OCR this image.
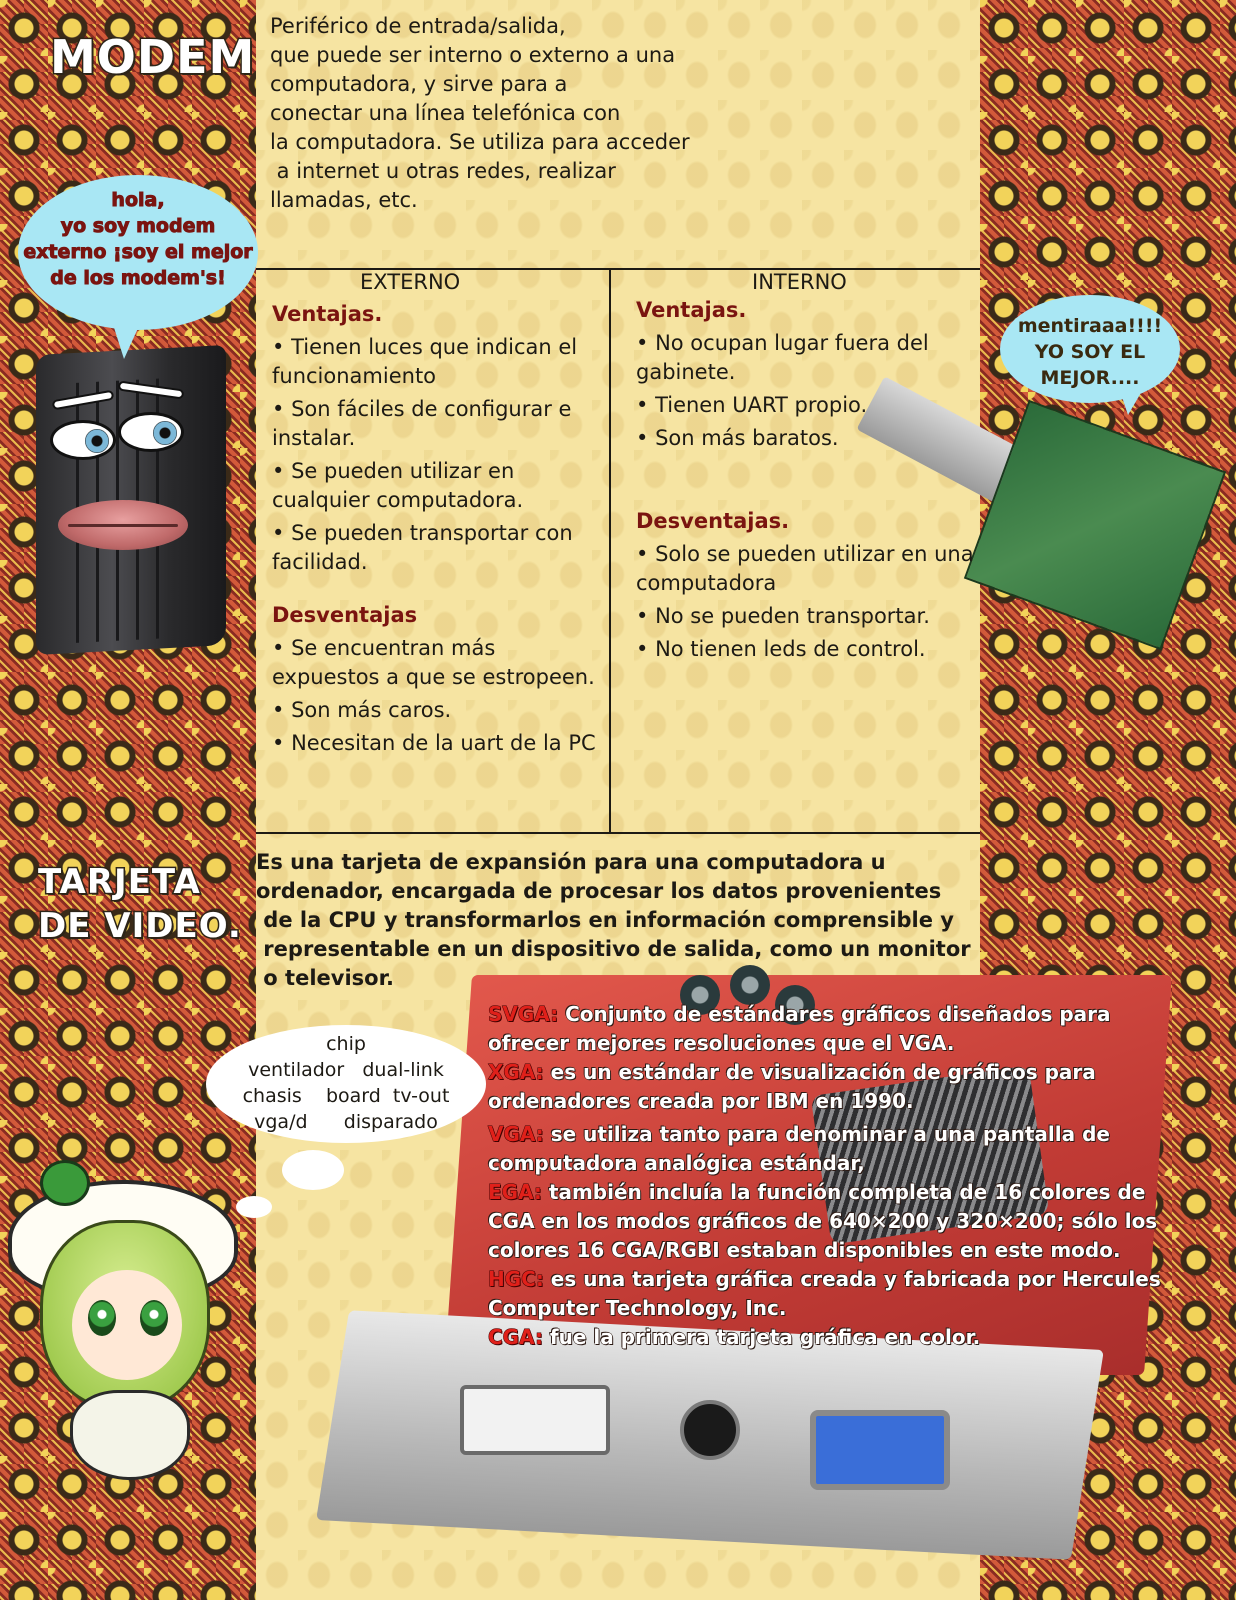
MODEM
Periférico de entrada/salida,
que puede ser interno o externo a una
computadora, y sirve para a
conectar una línea telefónica con
la computadora. Se utiliza para acceder
a internet u otras redes, realizar
llamadas, etc.
hola,
yo soy modem
externo ¡soy el mejor
de los modem's!
mentiraaa!!!!
YO SOY EL
MEJOR....
EXTERNO	INTERNO
Ventajas.
• Tienen luces que indican el funcionamiento
• Son fáciles de configurar e instalar.
• Se pueden utilizar en cualquier computadora.
• Se pueden transportar con facilidad.
Desventajas
• Se encuentran más expuestos a que se estropeen.
• Son más caros.
• Necesitan de la uart de la PC
Ventajas.
• No ocupan lugar fuera del gabinete.
• Tienen UART propio.
• Son más baratos.
Desventajas.
• Solo se pueden utilizar en una computadora
• No se pueden transportar.
• No tienen leds de control.
TARJETA DE VIDEO.
Es una tarjeta de expansión para una computadora u
ordenador, encargada de procesar los datos provenientes
de la CPU y transformarlos en información comprensible y
representable en un dispositivo de salida, como un monitor
o televisor.

SVGA: Conjunto de estándares gráficos diseñados para ofrecer mejores resoluciones que el VGA.

XGA: es un estándar de visualización de gráficos para ordenadores creada por IBM en 1990.

VGA: se utiliza tanto para denominar a una pantalla de computadora analógica estándar,

EGA: también incluía la función completa de 16 colores de CGA en los modos gráficos de 640×200 y 320×200; sólo los colores 16 CGA/RGBI estaban disponibles en este modo.

HGC: es una tarjeta gráfica creada y fabricada por Hercules Computer Technology, Inc.

CGA: fue la primera tarjeta gráfica en color.

chip
ventilador   dual-link
chasis    board  tv-out
vga/d      disparado
